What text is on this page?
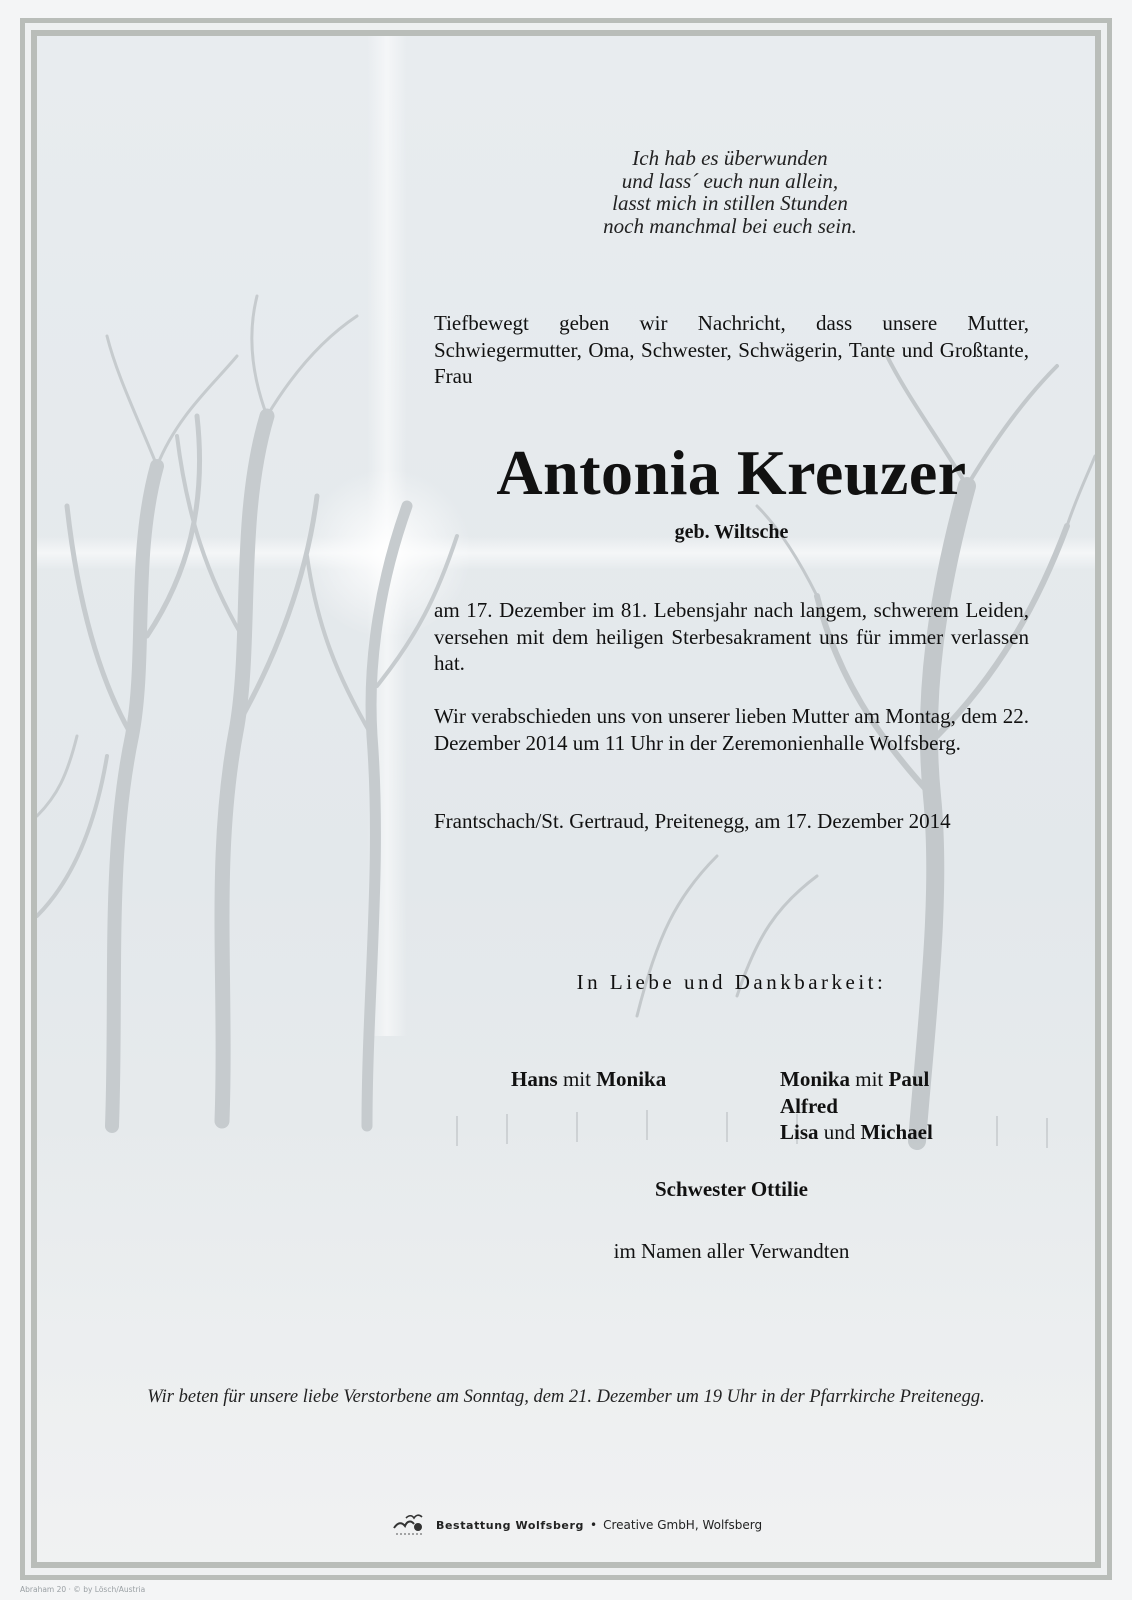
Ich hab es überwunden
und lass´ euch nun allein,
lasst mich in stillen Stunden
noch manchmal bei euch sein.
Tiefbewegt geben wir Nachricht, dass unsere Mutter, Schwiegermutter, Oma, Schwester, Schwägerin, Tante und Großtante, Frau
Antonia Kreuzer
geb. Wiltsche
am 17. Dezember im 81. Lebensjahr nach langem, schwerem Leiden, versehen mit dem heiligen Sterbesakrament uns für immer verlassen hat.
Wir verabschieden uns von unserer lieben Mutter am Montag, dem 22. Dezember 2014 um 11 Uhr in der Zeremonienhalle Wolfsberg.
Frantschach/St. Gertraud, Preitenegg, am 17. Dezember 2014
In Liebe und Dankbarkeit:
Hans mit Monika	Monika mit Paul
Alfred
Lisa und Michael
Schwester Ottilie
im Namen aller Verwandten
Wir beten für unsere liebe Verstorbene am Sonntag, dem 21. Dezember um 19 Uhr in der Pfarrkirche Preitenegg.
Bestattung Wolfsberg • Creative GmbH, Wolfsberg
Abraham 20 · © by Lösch/Austria
